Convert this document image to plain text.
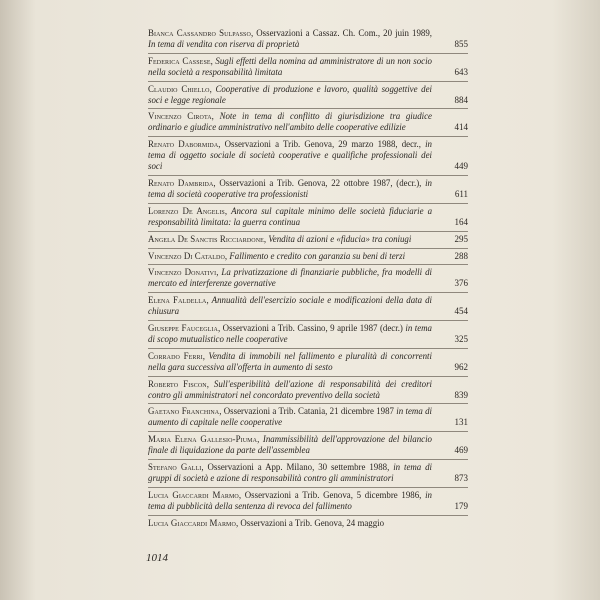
Bianca Cassandro Sulpasso, Osservazioni a Cassaz. Ch. Com., 20 juin 1989, In tema di vendita con riserva di proprietà	855
Federica Cassese, Sugli effetti della nomina ad amministratore di un non socio nella società a responsabilità limitata	643
Claudio Chiello, Cooperative di produzione e lavoro, qualità soggettive dei soci e legge regionale	884
Vincenzo Cirota, Note in tema di conflitto di giurisdizione tra giudice ordinario e giudice amministrativo nell'ambito delle cooperative edilizie	414
Renato Dabormida, Osservazioni a Trib. Genova, 29 marzo 1988, decr., in tema di oggetto sociale di società cooperative e qualifiche professionali dei soci	449
Renato Dambrida, Osservazioni a Trib. Genova, 22 ottobre 1987, (decr.), in tema di società cooperative tra professionisti	611
Lorenzo De Angelis, Ancora sul capitale minimo delle società fiduciarie a responsabilità limitata: la guerra continua	164
Angela De Sanctis Ricciardone, Vendita di azioni e «fiducia» tra coniugi	295
Vincenzo Di Cataldo, Fallimento e credito con garanzia su beni di terzi	288
Vincenzo Donativi, La privatizzazione di finanziarie pubbliche, fra modelli di mercato ed interferenze governative	376
Elena Faldella, Annualità dell'esercizio sociale e modificazioni della data di chiusura	454
Giuseppe Fauceglia, Osservazioni a Trib. Cassino, 9 aprile 1987 (decr.) in tema di scopo mutualistico nelle cooperative	325
Corrado Ferri, Vendita di immobili nel fallimento e pluralità di concorrenti nella gara successiva all'offerta in aumento di sesto	962
Roberto Fiscon, Sull'esperibilità dell'azione di responsabilità dei creditori contro gli amministratori nel concordato preventivo della società	839
Gaetano Franchina, Osservazioni a Trib. Catania, 21 dicembre 1987 in tema di aumento di capitale nelle cooperative	131
Maria Elena Gallesio-Piuma, Inammissibilità dell'approvazione del bilancio finale di liquidazione da parte dell'assemblea	469
Stefano Galli, Osservazioni a App. Milano, 30 settembre 1988, in tema di gruppi di società e azione di responsabilità contro gli amministratori	873
Lucia Giaccardi Marmo, Osservazioni a Trib. Genova, 5 dicembre 1986, in tema di pubblicità della sentenza di revoca del fallimento	179
Lucia Giaccardi Marmo, Osservazioni a Trib. Genova, 24 maggio
1014
